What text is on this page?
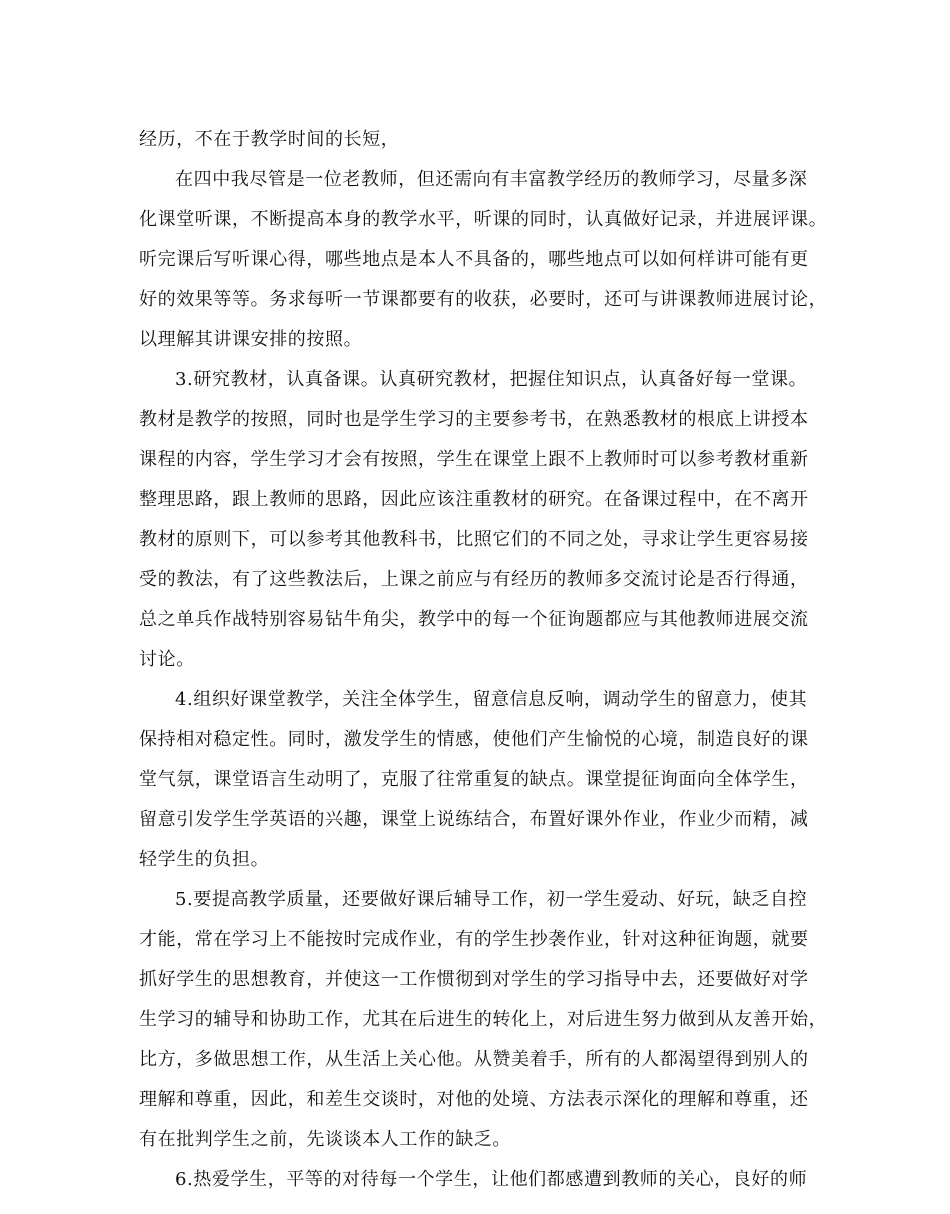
经历，不在于教学时间的长短，
在四中我尽管是一位老教师，但还需向有丰富教学经历的教师学习，尽量多深
化课堂听课，不断提高本身的教学水平，听课的同时，认真做好记录，并进展评课。
听完课后写听课心得，哪些地点是本人不具备的，哪些地点可以如何样讲可能有更
好的效果等等。务求每听一节课都要有的收获，必要时，还可与讲课教师进展讨论，
以理解其讲课安排的按照。
3.研究教材，认真备课。认真研究教材，把握住知识点，认真备好每一堂课。
教材是教学的按照，同时也是学生学习的主要参考书，在熟悉教材的根底上讲授本
课程的内容，学生学习才会有按照，学生在课堂上跟不上教师时可以参考教材重新
整理思路，跟上教师的思路，因此应该注重教材的研究。在备课过程中，在不离开
教材的原则下，可以参考其他教科书，比照它们的不同之处，寻求让学生更容易接
受的教法，有了这些教法后，上课之前应与有经历的教师多交流讨论是否行得通，
总之单兵作战特别容易钻牛角尖，教学中的每一个征询题都应与其他教师进展交流
讨论。
4.组织好课堂教学，关注全体学生，留意信息反响，调动学生的留意力，使其
保持相对稳定性。同时，激发学生的情感，使他们产生愉悦的心境，制造良好的课
堂气氛，课堂语言生动明了，克服了往常重复的缺点。课堂提征询面向全体学生，
留意引发学生学英语的兴趣，课堂上说练结合，布置好课外作业，作业少而精，减
轻学生的负担。
5.要提高教学质量，还要做好课后辅导工作，初一学生爱动、好玩，缺乏自控
才能，常在学习上不能按时完成作业，有的学生抄袭作业，针对这种征询题，就要
抓好学生的思想教育，并使这一工作惯彻到对学生的学习指导中去，还要做好对学
生学习的辅导和协助工作，尤其在后进生的转化上，对后进生努力做到从友善开始，
比方，多做思想工作，从生活上关心他。从赞美着手，所有的人都渴望得到别人的
理解和尊重，因此，和差生交谈时，对他的处境、方法表示深化的理解和尊重，还
有在批判学生之前，先谈谈本人工作的缺乏。
6.热爱学生，平等的对待每一个学生，让他们都感遭到教师的关心，良好的师
